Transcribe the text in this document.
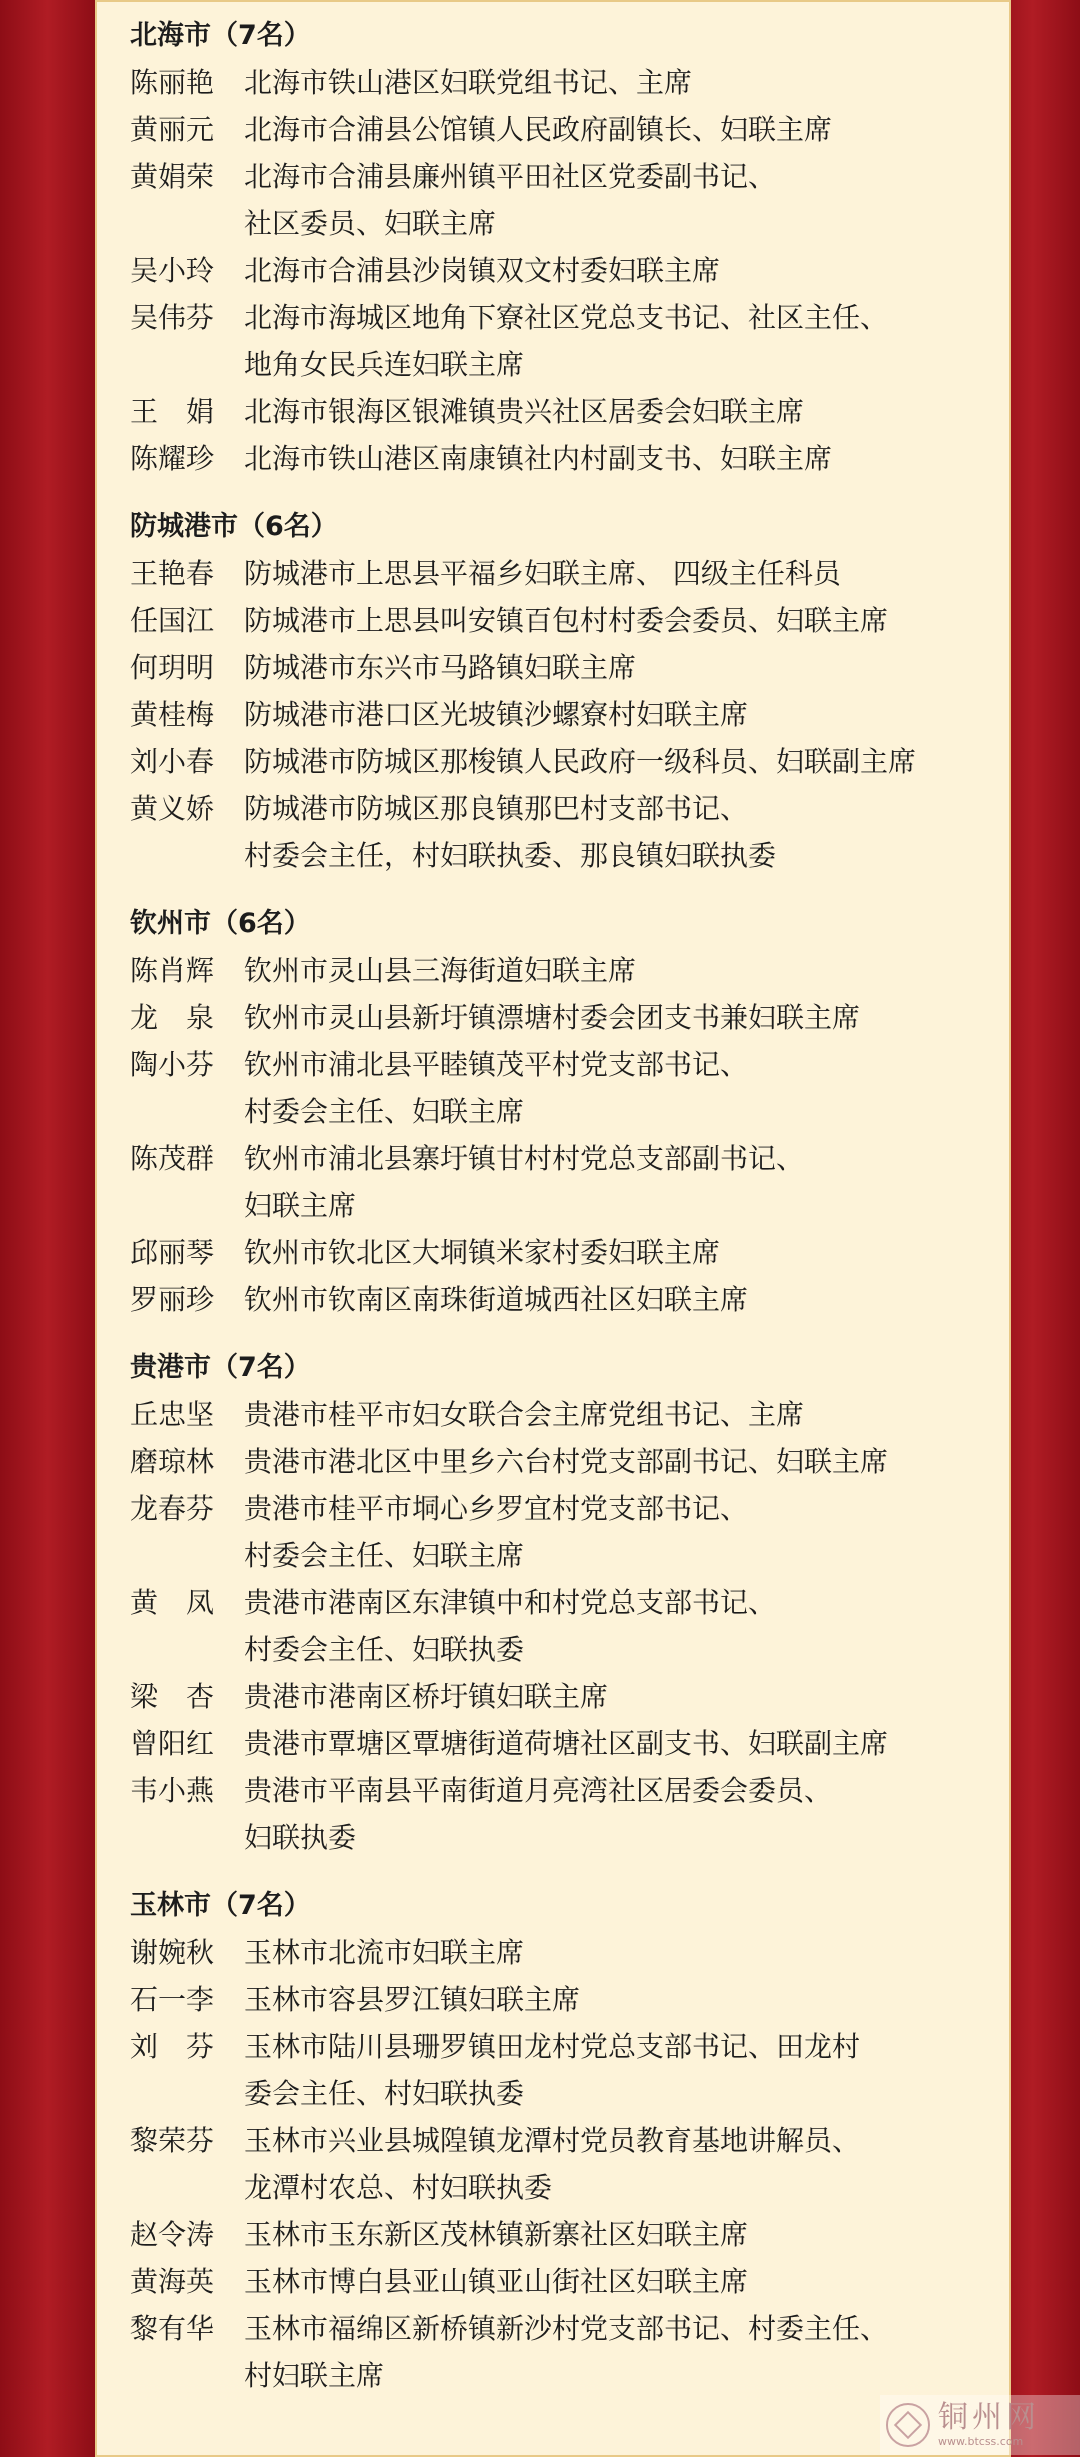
北海市（7名）
陈丽艳	北海市铁山港区妇联党组书记、主席
黄丽元	北海市合浦县公馆镇人民政府副镇长、妇联主席
黄娟荣	北海市合浦县廉州镇平田社区党委副书记、
社区委员、妇联主席
吴小玲	北海市合浦县沙岗镇双文村委妇联主席
吴伟芬	北海市海城区地角下寮社区党总支书记、社区主任、
地角女民兵连妇联主席
王　娟	北海市银海区银滩镇贵兴社区居委会妇联主席
陈耀珍	北海市铁山港区南康镇社内村副支书、妇联主席
防城港市（6名）
王艳春	防城港市上思县平福乡妇联主席、 四级主任科员
任国江	防城港市上思县叫安镇百包村村委会委员、妇联主席
何玥明	防城港市东兴市马路镇妇联主席
黄桂梅	防城港市港口区光坡镇沙螺寮村妇联主席
刘小春	防城港市防城区那梭镇人民政府一级科员、妇联副主席
黄义娇	防城港市防城区那良镇那巴村支部书记、
村委会主任，村妇联执委、那良镇妇联执委
钦州市（6名）
陈肖辉	钦州市灵山县三海街道妇联主席
龙　泉	钦州市灵山县新圩镇漂塘村委会团支书兼妇联主席
陶小芬	钦州市浦北县平睦镇茂平村党支部书记、
村委会主任、妇联主席
陈茂群	钦州市浦北县寨圩镇甘村村党总支部副书记、
妇联主席
邱丽琴	钦州市钦北区大垌镇米家村委妇联主席
罗丽珍	钦州市钦南区南珠街道城西社区妇联主席
贵港市（7名）
丘忠坚	贵港市桂平市妇女联合会主席党组书记、主席
磨琼林	贵港市港北区中里乡六台村党支部副书记、妇联主席
龙春芬	贵港市桂平市垌心乡罗宜村党支部书记、
村委会主任、妇联主席
黄　凤	贵港市港南区东津镇中和村党总支部书记、
村委会主任、妇联执委
梁　杏	贵港市港南区桥圩镇妇联主席
曾阳红	贵港市覃塘区覃塘街道荷塘社区副支书、妇联副主席
韦小燕	贵港市平南县平南街道月亮湾社区居委会委员、
妇联执委
玉林市（7名）
谢婉秋	玉林市北流市妇联主席
石一李	玉林市容县罗江镇妇联主席
刘　芬	玉林市陆川县珊罗镇田龙村党总支部书记、田龙村
委会主任、村妇联执委
黎荣芬	玉林市兴业县城隍镇龙潭村党员教育基地讲解员、
龙潭村农总、村妇联执委
赵令涛	玉林市玉东新区茂林镇新寨社区妇联主席
黄海英	玉林市博白县亚山镇亚山街社区妇联主席
黎有华	玉林市福绵区新桥镇新沙村党支部书记、村委主任、
村妇联主席
铜州网
www.btcss.com
